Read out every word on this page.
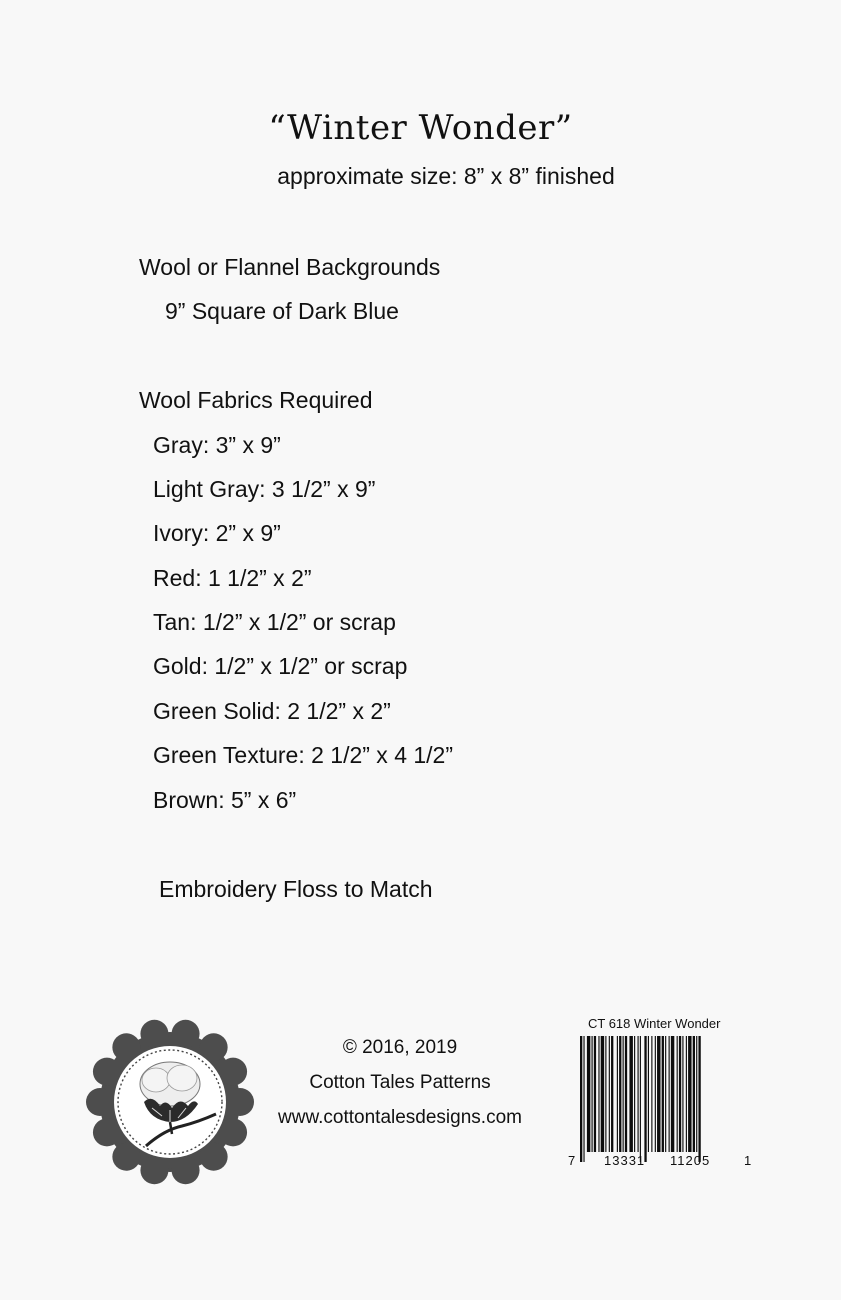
“Winter Wonder”
approximate size: 8” x 8” finished
Wool or Flannel Backgrounds
9” Square of Dark Blue
Wool Fabrics Required
Gray: 3” x 9”
Light Gray: 3 1/2” x 9”
Ivory: 2” x 9”
Red: 1 1/2” x 2”
Tan: 1/2” x 1/2” or scrap
Gold: 1/2” x 1/2” or scrap
Green Solid: 2 1/2” x 2”
Green Texture: 2 1/2” x 4 1/2”
Brown: 5” x 6”
Embroidery Floss to Match
© 2016, 2019
Cotton Tales Patterns
www.cottontalesdesigns.com
CT 618 Winter Wonder
7 13331 11205	1
